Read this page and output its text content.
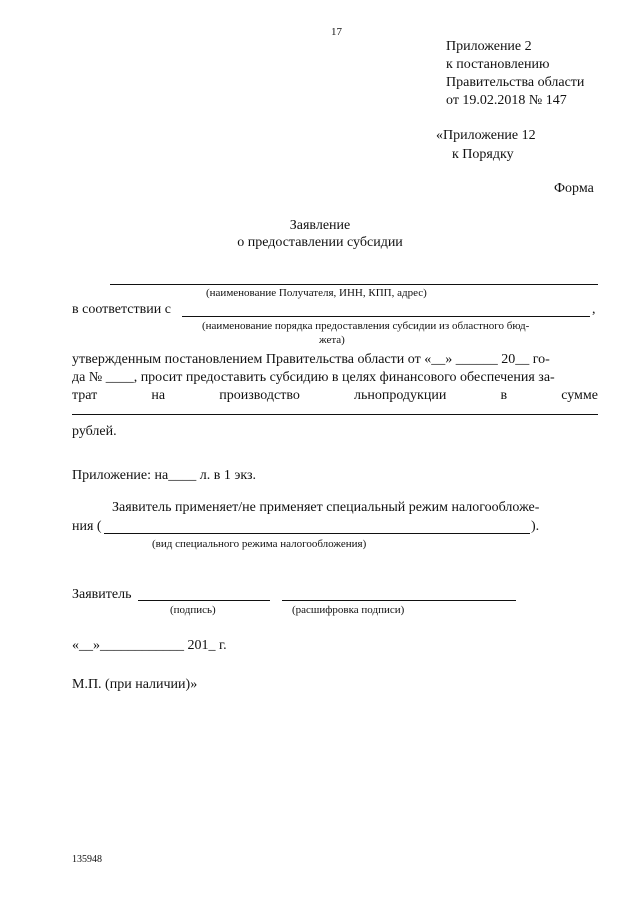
17
Приложение 2
к постановлению
Правительства области
от 19.02.2018 № 147
«Приложение 12
к Порядку
Форма
Заявление
о предоставлении субсидии
(наименование Получателя, ИНН, КПП, адрес)
в соответствии с	,
(наименование порядка предоставления субсидии из областного бюд-
жета)
утвержденным постановлением Правительства области от «__» ______ 20__ го-
да № ____, просит предоставить субсидию в целях финансового обеспечения за-
трат	на	производство	льнопродукции	в	сумме
рублей.
Приложение: на____ л. в 1 экз.
Заявитель применяет/не применяет специальный режим налогообложе-
ния (	).
(вид специального режима налогообложения)
Заявитель
(подпись)	(расшифровка подписи)
«__»____________ 201_ г.
М.П. (при наличии)»
135948
